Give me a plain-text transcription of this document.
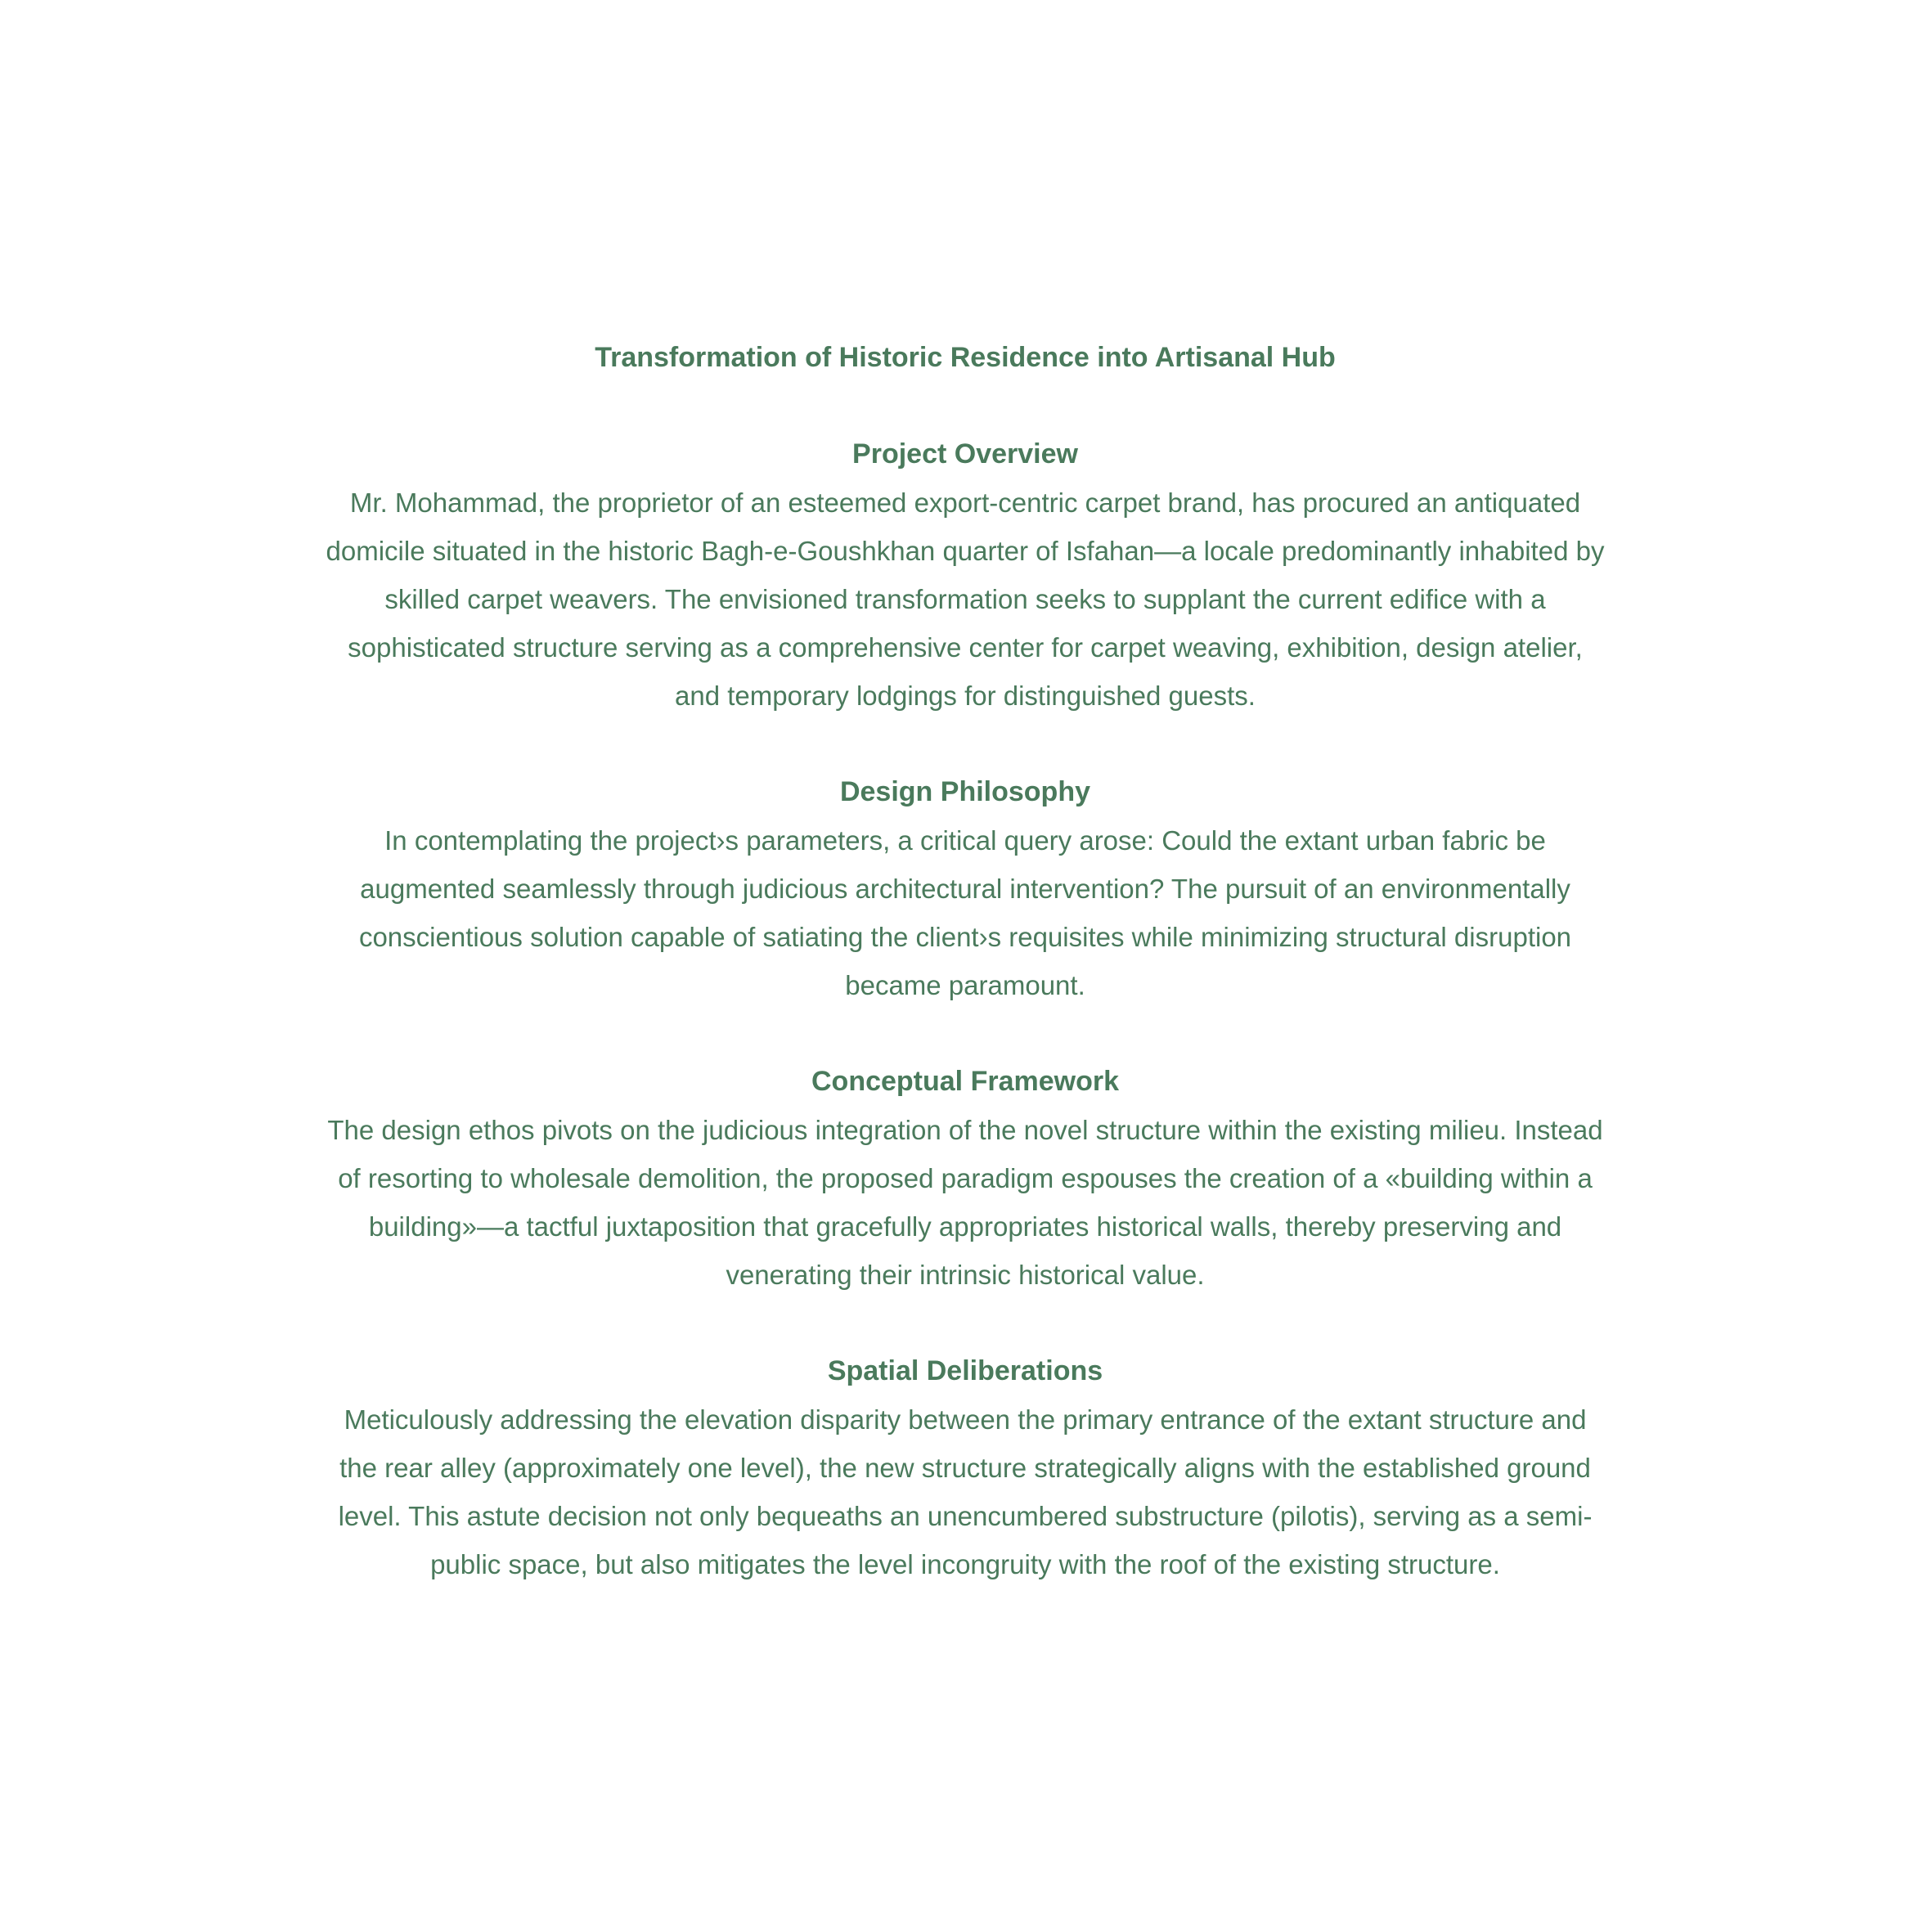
Transformation of Historic Residence into Artisanal Hub
Project Overview

Mr. Mohammad, the proprietor of an esteemed export-centric carpet brand, has procured an antiquated domicile situated in the historic Bagh-e-Goushkhan quarter of Isfahan—a locale predominantly inhabited by skilled carpet weavers. The envisioned transformation seeks to supplant the current edifice with a sophisticated structure serving as a comprehensive center for carpet weaving, exhibition, design atelier, and temporary lodgings for distinguished guests.

Design Philosophy

In contemplating the project›s parameters, a critical query arose: Could the extant urban fabric be augmented seamlessly through judicious architectural intervention? The pursuit of an environmentally conscientious solution capable of satiating the client›s requisites while minimizing structural disruption became paramount.

Conceptual Framework

The design ethos pivots on the judicious integration of the novel structure within the existing milieu. Instead of resorting to wholesale demolition, the proposed paradigm espouses the creation of a «building within a building»—a tactful juxtaposition that gracefully appropriates historical walls, thereby preserving and venerating their intrinsic historical value.

Spatial Deliberations

Meticulously addressing the elevation disparity between the primary entrance of the extant structure and the rear alley (approximately one level), the new structure strategically aligns with the established ground level. This astute decision not only bequeaths an unencumbered substructure (pilotis), serving as a semi-public space, but also mitigates the level incongruity with the roof of the existing structure.
